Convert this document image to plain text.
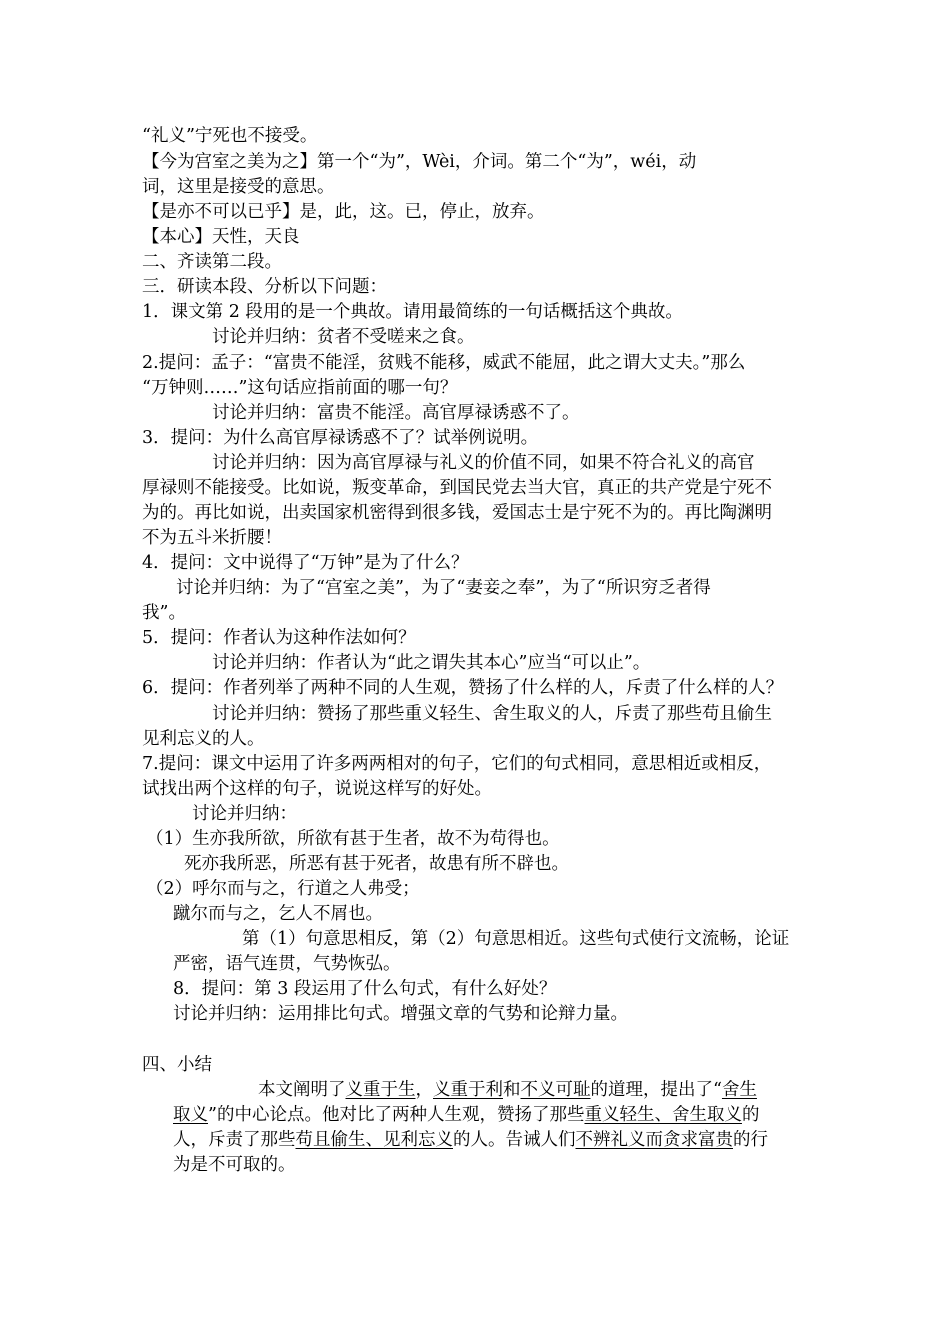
“礼义”宁死也不接受。
【今为宫室之美为之】第一个“为”，Wèi，介词。第二个“为”，wéi，动
词，这里是接受的意思。
【是亦不可以已乎】是，此，这。已，停止，放弃。
【本心】天性，天良
二、齐读第二段。
三．研读本段、分析以下问题：
1．课文第 2 段用的是一个典故。请用最简练的一句话概括这个典故。
讨论并归纳：贫者不受嗟来之食。
2.提问：孟子：“富贵不能淫，贫贱不能移，威武不能屈，此之谓大丈夫。”那么
“万钟则……”这句话应指前面的哪一句？
讨论并归纳：富贵不能淫。高官厚禄诱惑不了。
3．提问：为什么高官厚禄诱惑不了？试举例说明。
讨论并归纳：因为高官厚禄与礼义的价值不同，如果不符合礼义的高官
厚禄则不能接受。比如说，叛变革命，到国民党去当大官，真正的共产党是宁死不
为的。再比如说，出卖国家机密得到很多钱，爱国志士是宁死不为的。再比陶渊明
不为五斗米折腰！
4．提问：文中说得了“万钟”是为了什么？
讨论并归纳：为了“宫室之美”，为了“妻妾之奉”，为了“所识穷乏者得
我”。
5．提问：作者认为这种作法如何？
讨论并归纳：作者认为“此之谓失其本心”应当“可以止”。
6．提问：作者列举了两种不同的人生观，赞扬了什么样的人，斥责了什么样的人？
讨论并归纳：赞扬了那些重义轻生、舍生取义的人，斥责了那些苟且偷生
见利忘义的人。
7.提问：课文中运用了许多两两相对的句子，它们的句式相同，意思相近或相反，
试找出两个这样的句子，说说这样写的好处。
讨论并归纳：
（1）生亦我所欲，所欲有甚于生者，故不为苟得也。
死亦我所恶，所恶有甚于死者，故患有所不辟也。
（2）呼尔而与之，行道之人弗受；
蹴尔而与之，乞人不屑也。
第（1）句意思相反，第（2）句意思相近。这些句式使行文流畅，论证
严密，语气连贯，气势恢弘。
8．提问：第 3 段运用了什么句式，有什么好处？
讨论并归纳：运用排比句式。增强文章的气势和论辩力量。
四、小结
本文阐明了义重于生，义重于利和不义可耻的道理，提出了“舍生
取义”的中心论点。他对比了两种人生观，赞扬了那些重义轻生、舍生取义的
人，斥责了那些苟且偷生、见利忘义的人。告诫人们不辨礼义而贪求富贵的行
为是不可取的。
